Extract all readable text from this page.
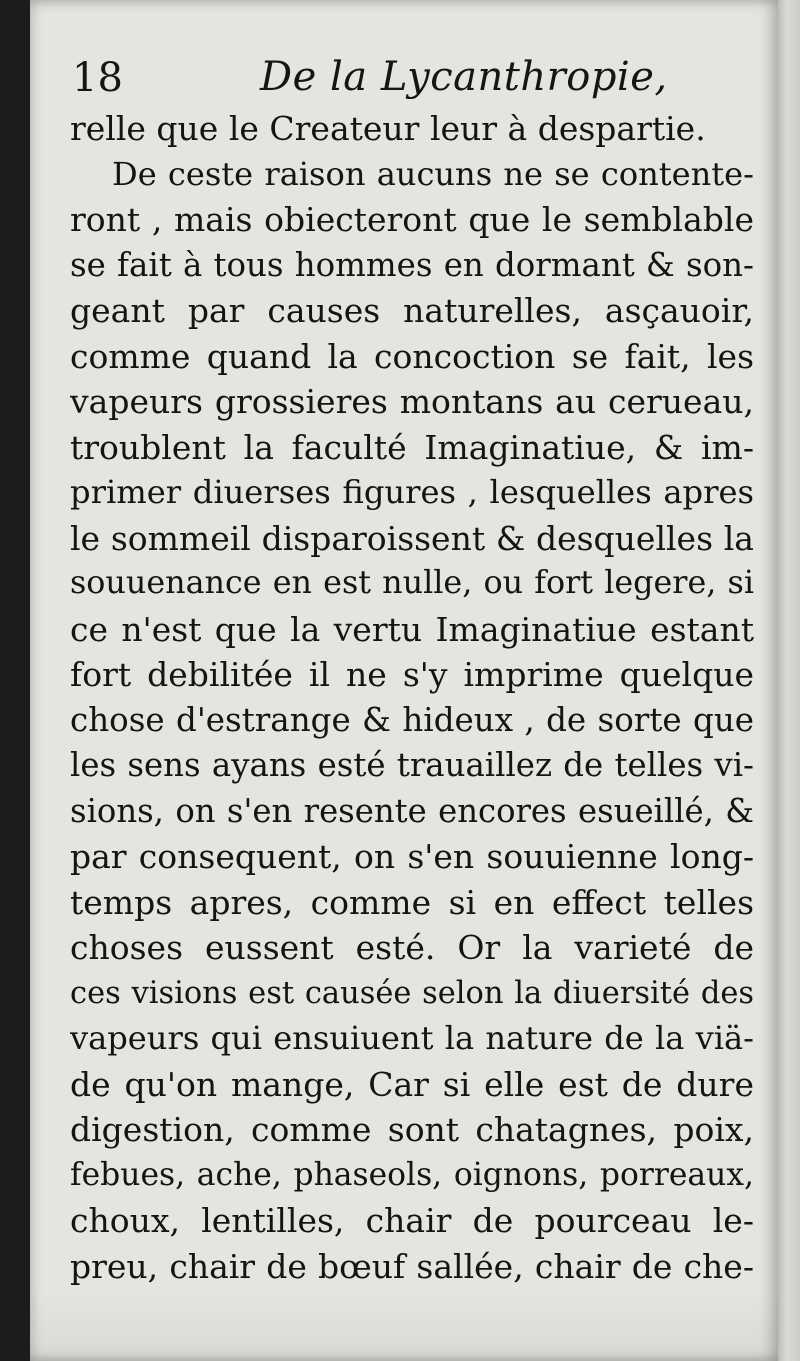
18	De la Lycanthropie,
relle que le Createur leur à despartie.
De ceste raison aucuns ne se contente-
ront , mais obiecteront que le semblable
se fait à tous hommes en dormant & son-
geant par causes naturelles, asçauoir,
comme quand la concoction se fait, les
vapeurs grossieres montans au cerueau,
troublent la faculté Imaginatiue, & im-
primer diuerses figures , lesquelles apres
le sommeil disparoissent & desquelles la
souuenance en est nulle, ou fort legere, si
ce n'est que la vertu Imaginatiue estant
fort debilitée il ne s'y imprime quelque
chose d'estrange & hideux , de sorte que
les sens ayans esté trauaillez de telles vi-
sions, on s'en resente encores esueillé, &
par consequent, on s'en souuienne long-
temps apres, comme si en effect telles
choses eussent esté. Or la varieté de
ces visions est causée selon la diuersité des
vapeurs qui ensuiuent la nature de la viä-
de qu'on mange, Car si elle est de dure
digestion, comme sont chatagnes, poix,
febues, ache, phaseols, oignons, porreaux,
choux, lentilles, chair de pourceau le-
preu, chair de bœuf sallée, chair de che-
